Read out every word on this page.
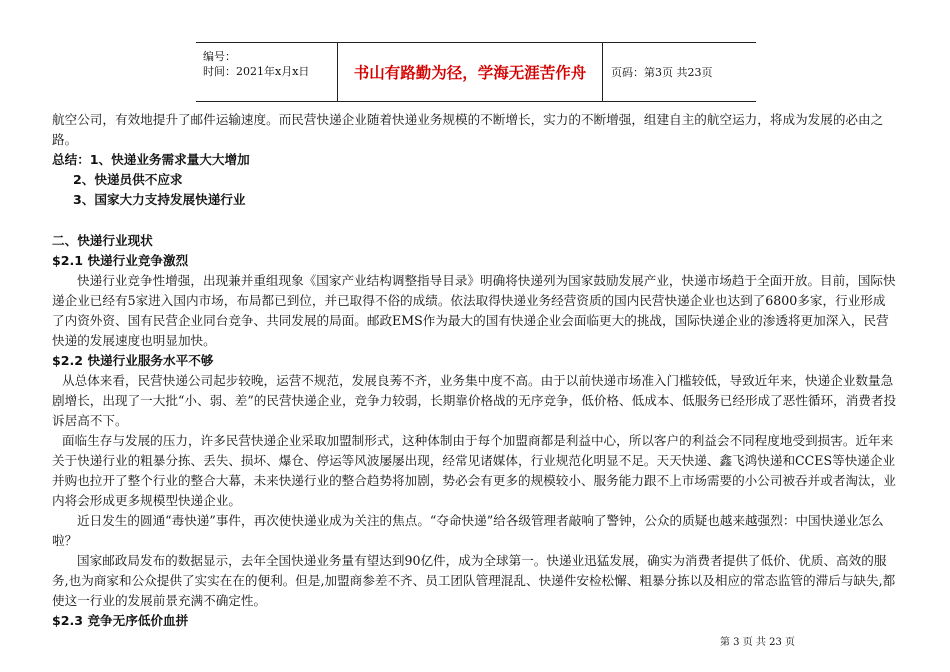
编号：
时间：2021年x月x日	书山有路勤为径，学海无涯苦作舟	页码：第3页 共23页

航空公司，有效地提升了邮件运输速度。而民营快递企业随着快递业务规模的不断增长，实力的不断增强，组建自主的航空运力，将成为发展的必由之路。

总结：1、快递业务需求量大大增加

2、快递员供不应求

3、国家大力支持发展快递行业

二、快递行业现状

$2.1 快递行业竞争激烈

快递行业竞争性增强，出现兼并重组现象《国家产业结构调整指导目录》明确将快递列为国家鼓励发展产业，快递市场趋于全面开放。目前，国际快递企业已经有5家进入国内市场，布局都已到位，并已取得不俗的成绩。依法取得快递业务经营资质的国内民营快递企业也达到了6800多家，行业形成了内资外资、国有民营企业同台竞争、共同发展的局面。邮政EMS作为最大的国有快递企业会面临更大的挑战，国际快递企业的渗透将更加深入，民营快递的发展速度也明显加快。

$2.2 快递行业服务水平不够

从总体来看，民营快递公司起步较晚，运营不规范，发展良莠不齐，业务集中度不高。由于以前快递市场准入门槛较低，导致近年来，快递企业数量急剧增长，出现了一大批“小、弱、差”的民营快递企业，竞争力较弱，长期靠价格战的无序竞争，低价格、低成本、低服务已经形成了恶性循环，消费者投诉居高不下。

面临生存与发展的压力，许多民营快递企业采取加盟制形式，这种体制由于每个加盟商都是利益中心，所以客户的利益会不同程度地受到损害。近年来关于快递行业的粗暴分拣、丢失、损坏、爆仓、停运等风波屡屡出现，经常见诸媒体，行业规范化明显不足。天天快递、鑫飞鸿快递和CCES等快递企业并购也拉开了整个行业的整合大幕，未来快递行业的整合趋势将加剧，势必会有更多的规模较小、服务能力跟不上市场需要的小公司被吞并或者淘汰，业内将会形成更多规模型快递企业。

近日发生的圆通“毒快递”事件，再次使快递业成为关注的焦点。“夺命快递”给各级管理者敲响了警钟，公众的质疑也越来越强烈：中国快递业怎么啦？

国家邮政局发布的数据显示，去年全国快递业务量有望达到90亿件，成为全球第一。快递业迅猛发展，确实为消费者提供了低价、优质、高效的服务,也为商家和公众提供了实实在在的便利。但是,加盟商参差不齐、员工团队管理混乱、快递件安检松懈、粗暴分拣以及相应的常态监管的滞后与缺失,都使这一行业的发展前景充满不确定性。

$2.3 竞争无序低价血拼

第 3 页 共 23 页
